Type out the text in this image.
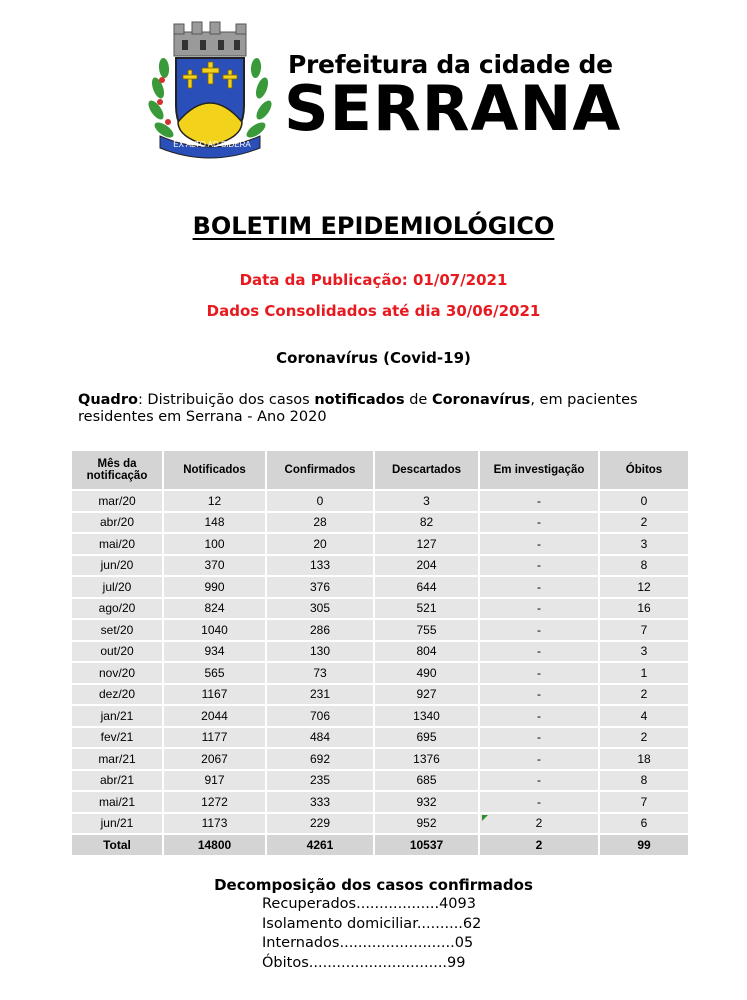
EX ALTO AD SIDERA
Prefeitura da cidade de
SERRANA
BOLETIM EPIDEMIOLÓGICO
Data da Publicação: 01/07/2021
Dados Consolidados até dia 30/06/2021
Coronavírus (Covid-19)
Quadro: Distribuição dos casos notificados de Coronavírus, em pacientes residentes em Serrana - Ano 2020
Mês da notificação	Notificados	Confirmados	Descartados	Em investigação	Óbitos
mar/20	12	0	3	-	0
abr/20	148	28	82	-	2
mai/20	100	20	127	-	3
jun/20	370	133	204	-	8
jul/20	990	376	644	-	12
ago/20	824	305	521	-	16
set/20	1040	286	755	-	7
out/20	934	130	804	-	3
nov/20	565	73	490	-	1
dez/20	1167	231	927	-	2
jan/21	2044	706	1340	-	4
fev/21	1177	484	695	-	2
mar/21	2067	692	1376	-	18
abr/21	917	235	685	-	8
mai/21	1272	333	932	-	7
jun/21	1173	229	952	2	6
Total	14800	4261	10537	2	99
Decomposição dos casos confirmados
Recuperados..................4093
Isolamento domiciliar..........62
Internados.........................05
Óbitos..............................99
